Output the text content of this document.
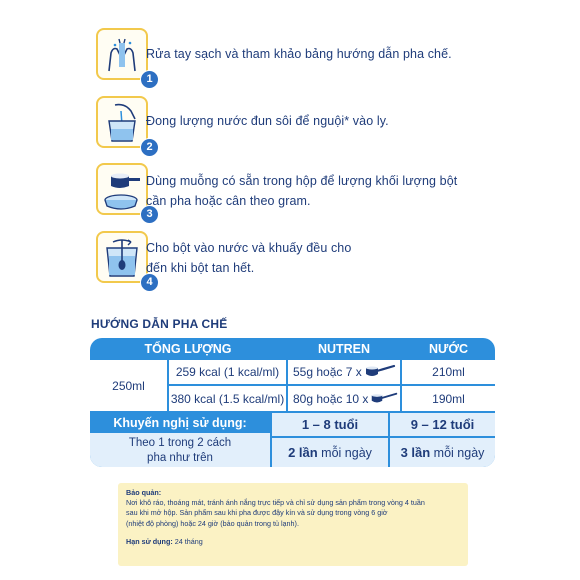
1
Rửa tay sạch và tham khảo bảng hướng dẫn pha chế.
2
Đong lượng nước đun sôi để nguội* vào ly.
3
Dùng muỗng có sẵn trong hộp để lượng khối lượng bột
cần pha hoặc cân theo gram.
4
Cho bột vào nước và khuấy đều cho
đến khi bột tan hết.
HƯỚNG DẪN PHA CHẾ
TỔNG LƯỢNG	NUTREN	NƯỚC
250ml
259 kcal (1 kcal/ml)	55g hoặc 7 x	210ml
380 kcal (1.5 kcal/ml) 80g hoặc 10 x	190ml
Khuyến nghị sử dụng:
Theo 1 trong 2 cách
pha như trên
1 – 8 tuổi	9 – 12 tuổi
2 lần mỗi ngày 3 lần mỗi ngày
Bảo quản:
Nơi khô ráo, thoáng mát, tránh ánh nắng trực tiếp và chỉ sử dụng sản phẩm trong vòng 4 tuần
sau khi mở hộp. Sản phẩm sau khi pha được đậy kín và sử dụng trong vòng 6 giờ
(nhiệt độ phòng) hoặc 24 giờ (bảo quản trong tủ lạnh).
Hạn sử dụng: 24 tháng
